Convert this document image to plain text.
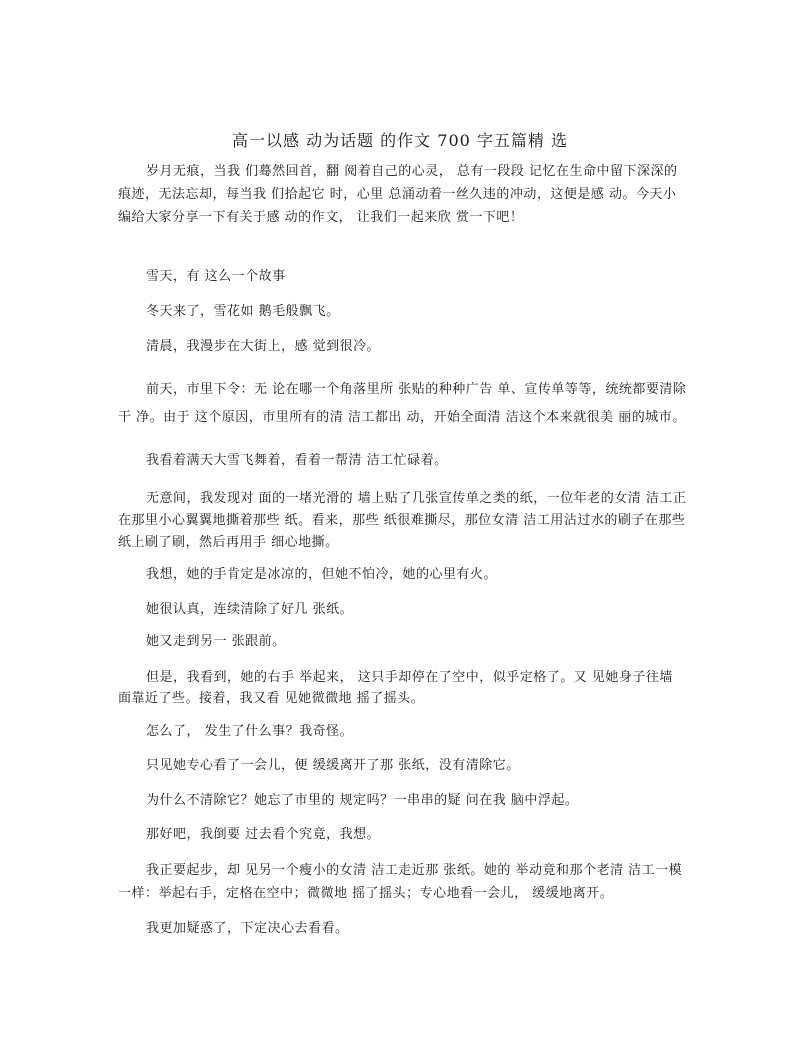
高一以感 动为话题 的作文 700 字五篇精 选
岁月无痕，当我 们蓦然回首，翻 阅着自己的心灵， 总有一段段 记忆在生命中留下深深的
痕迹，无法忘却，每当我 们拾起它 时，心里 总涌动着一丝久违的冲动，这便是感 动。今天小
编给大家分享一下有关于感 动的作文， 让我们一起来欣 赏一下吧！
雪天，有 这么一个故事
冬天来了，雪花如 鹅毛般飘飞。
清晨，我漫步在大街上，感 觉到很冷。
前天，市里下令：无 论在哪一个角落里所 张贴的种种广告 单、宣传单等等，统统都要清除
干 净。由于 这个原因，市里所有的清 洁工都出 动，开始全面清 洁这个本来就很美 丽的城市。
我看着满天大雪飞舞着，看着一帮清 洁工忙碌着。
无意间，我发现对 面的一堵光滑的 墙上贴了几张宣传单之类的纸，一位年老的女清 洁工正
在那里小心翼翼地撕着那些 纸。看来，那些 纸很难撕尽，那位女清 洁工用沾过水的刷子在那些
纸上刷了刷，然后再用手 细心地撕。
我想，她的手肯定是冰凉的，但她不怕冷，她的心里有火。
她很认真，连续清除了好几 张纸。
她又走到另一 张跟前。
但是，我看到，她的右手 举起来， 这只手却停在了空中，似乎定格了。又 见她身子往墙
面靠近了些。接着，我又看 见她微微地 摇了摇头。
怎么了， 发生了什么事？我奇怪。
只见她专心看了一会儿，便 缓缓离开了那 张纸，没有清除它。
为什么不清除它？她忘了市里的 规定吗？一串串的疑 问在我 脑中浮起。
那好吧，我倒要 过去看个究竟，我想。
我正要起步，却 见另一个瘦小的女清 洁工走近那 张纸。她的 举动竟和那个老清 洁工一模
一样：举起右手，定格在空中；微微地 摇了摇头；专心地看一会儿， 缓缓地离开。
我更加疑惑了，下定决心去看看。
